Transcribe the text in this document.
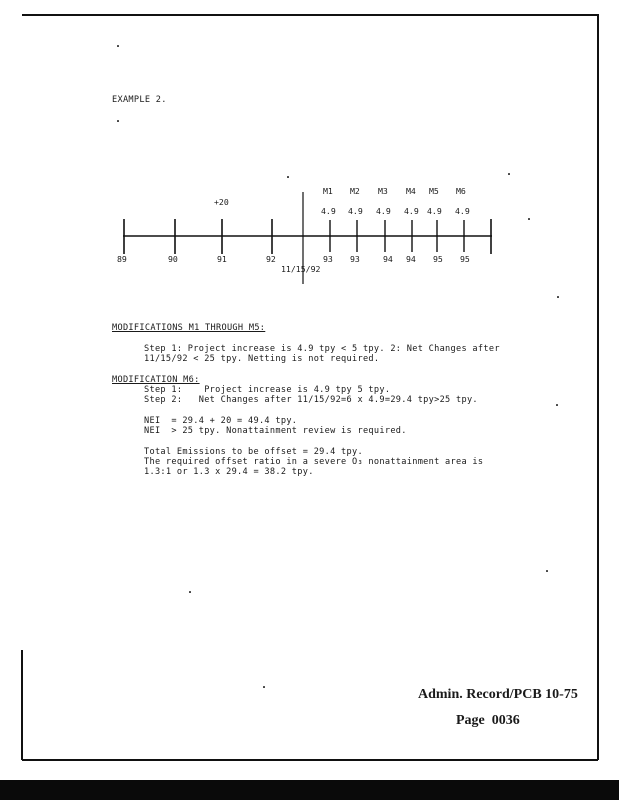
EXAMPLE 2.
+20
M1 M2 M3 M4 M5 M6
4.9 4.9 4.9 4.9 4.9 4.9
89	90	91	92	93 93	94 94 95 95
11/15/92
MODIFICATIONS M1 THROUGH M5:
Step 1: Project increase is 4.9 tpy < 5 tpy. 2: Net Changes after
11/15/92 < 25 tpy. Netting is not required.
MODIFICATION M6:
Step 1:    Project increase is 4.9 tpy 5 tpy.
Step 2:   Net Changes after 11/15/92=6 x 4.9=29.4 tpy>25 tpy.
NEI  = 29.4 + 20 = 49.4 tpy.
NEI  > 25 tpy. Nonattainment review is required.
Total Emissions to be offset = 29.4 tpy.
The required offset ratio in a severe O₃ nonattainment area is
1.3:1 or 1.3 x 29.4 = 38.2 tpy.
Admin. Record/PCB 10-75
Page  0036
